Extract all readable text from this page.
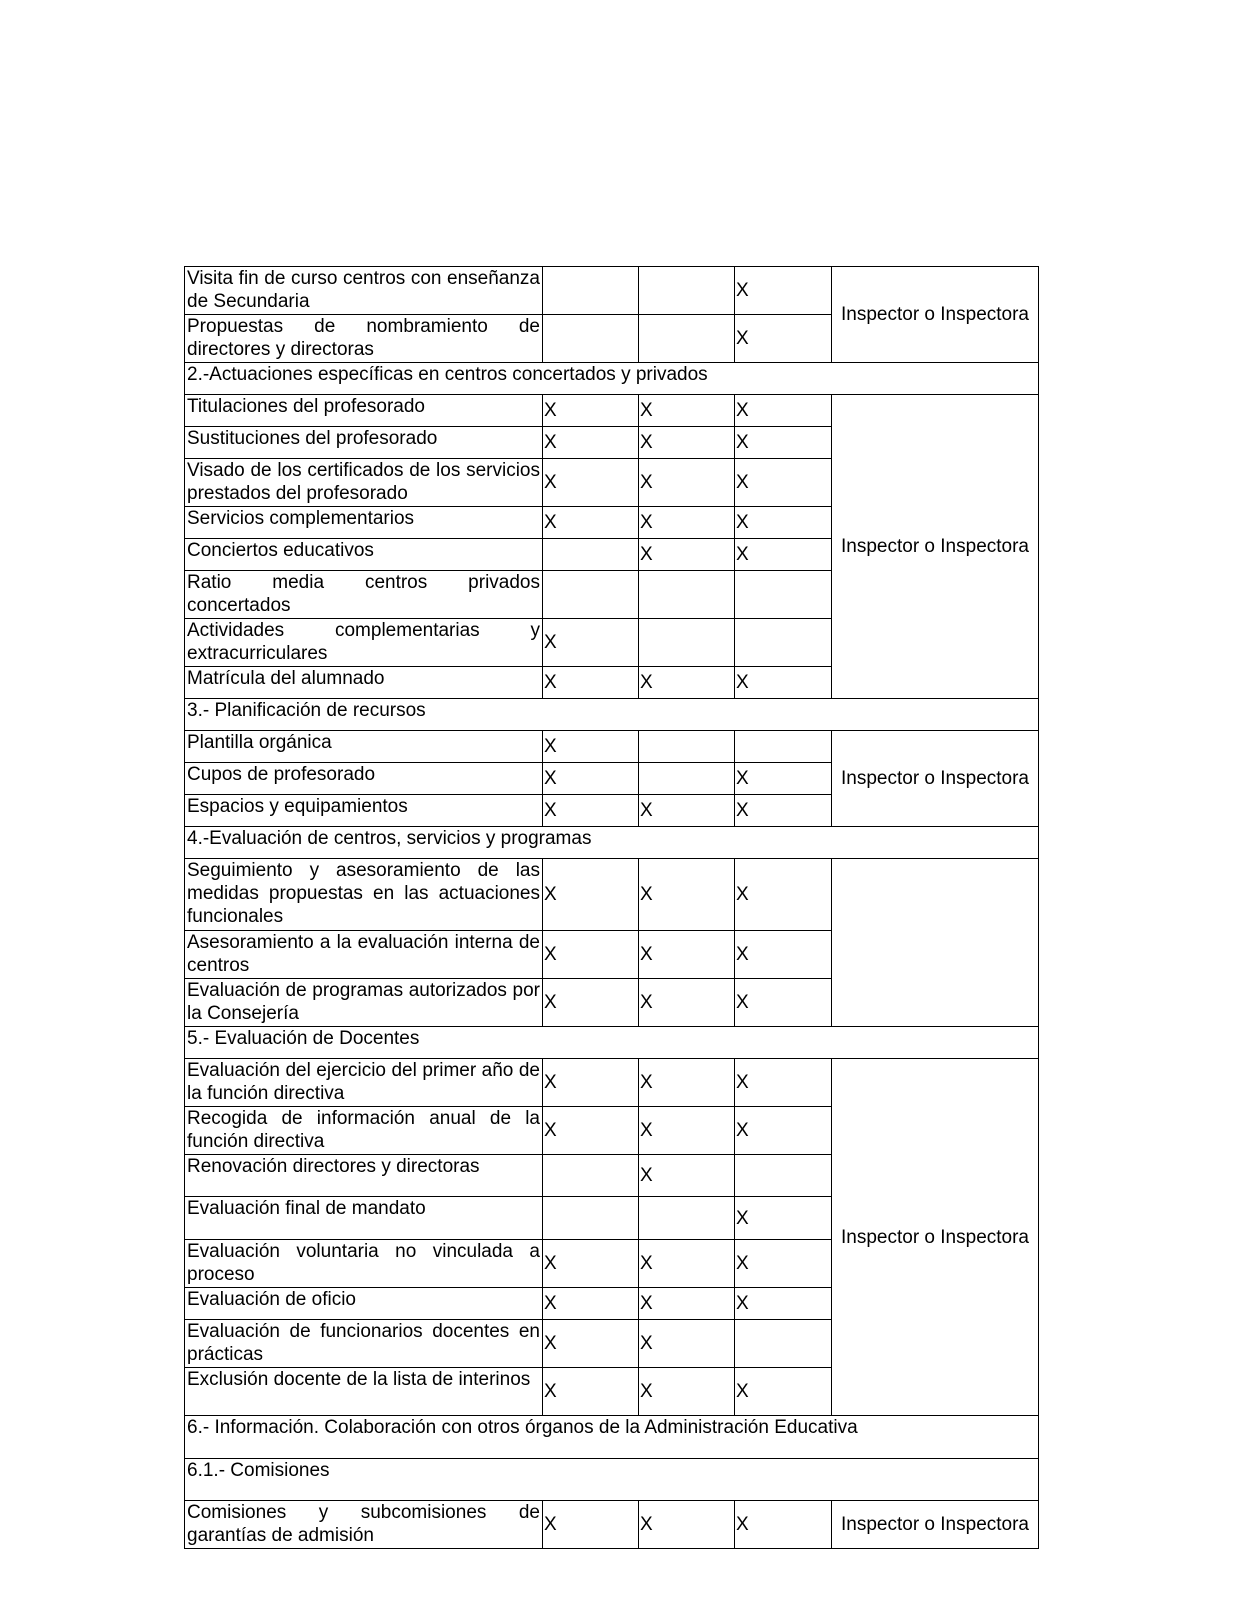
Visita fin de curso centros con enseñanza de Secundaria			X	Inspector o Inspectora
Propuestas de nombramiento de directores y directoras			X	
2.-Actuaciones específicas en centros concertados y privados				
Titulaciones del profesorado	X	X	X	Inspector o Inspectora
Sustituciones del profesorado	X	X	X	
Visado de los certificados de los servicios prestados del profesorado	X	X	X	
Servicios complementarios	X	X	X	
Conciertos educativos		X	X	
Ratio media centros privados concertados				
Actividades complementarias y extracurriculares	X			
Matrícula del alumnado	X	X	X	
3.- Planificación de recursos				
Plantilla orgánica	X			Inspector o Inspectora
Cupos de profesorado	X		X	
Espacios y equipamientos	X	X	X	
4.-Evaluación de centros, servicios y programas				
Seguimiento y asesoramiento de las medidas propuestas en las actuaciones funcionales	X	X	X	
Asesoramiento a la evaluación interna de centros	X	X	X	
Evaluación de programas autorizados por la Consejería	X	X	X	
5.- Evaluación de Docentes				
Evaluación del ejercicio del primer año de la función directiva	X	X	X	Inspector o Inspectora
Recogida de información anual de la función directiva	X	X	X	
Renovación directores y directoras		X		
Evaluación final de mandato			X	
Evaluación voluntaria no vinculada a proceso	X	X	X	
Evaluación de oficio	X	X	X	
Evaluación de funcionarios docentes en prácticas	X	X		
Exclusión docente de la lista de interinos	X	X	X	
6.- Información. Colaboración con otros órganos de la Administración Educativa				
6.1.- Comisiones				
Comisiones y subcomisiones de garantías de admisión	X	X	X	Inspector o Inspectora
